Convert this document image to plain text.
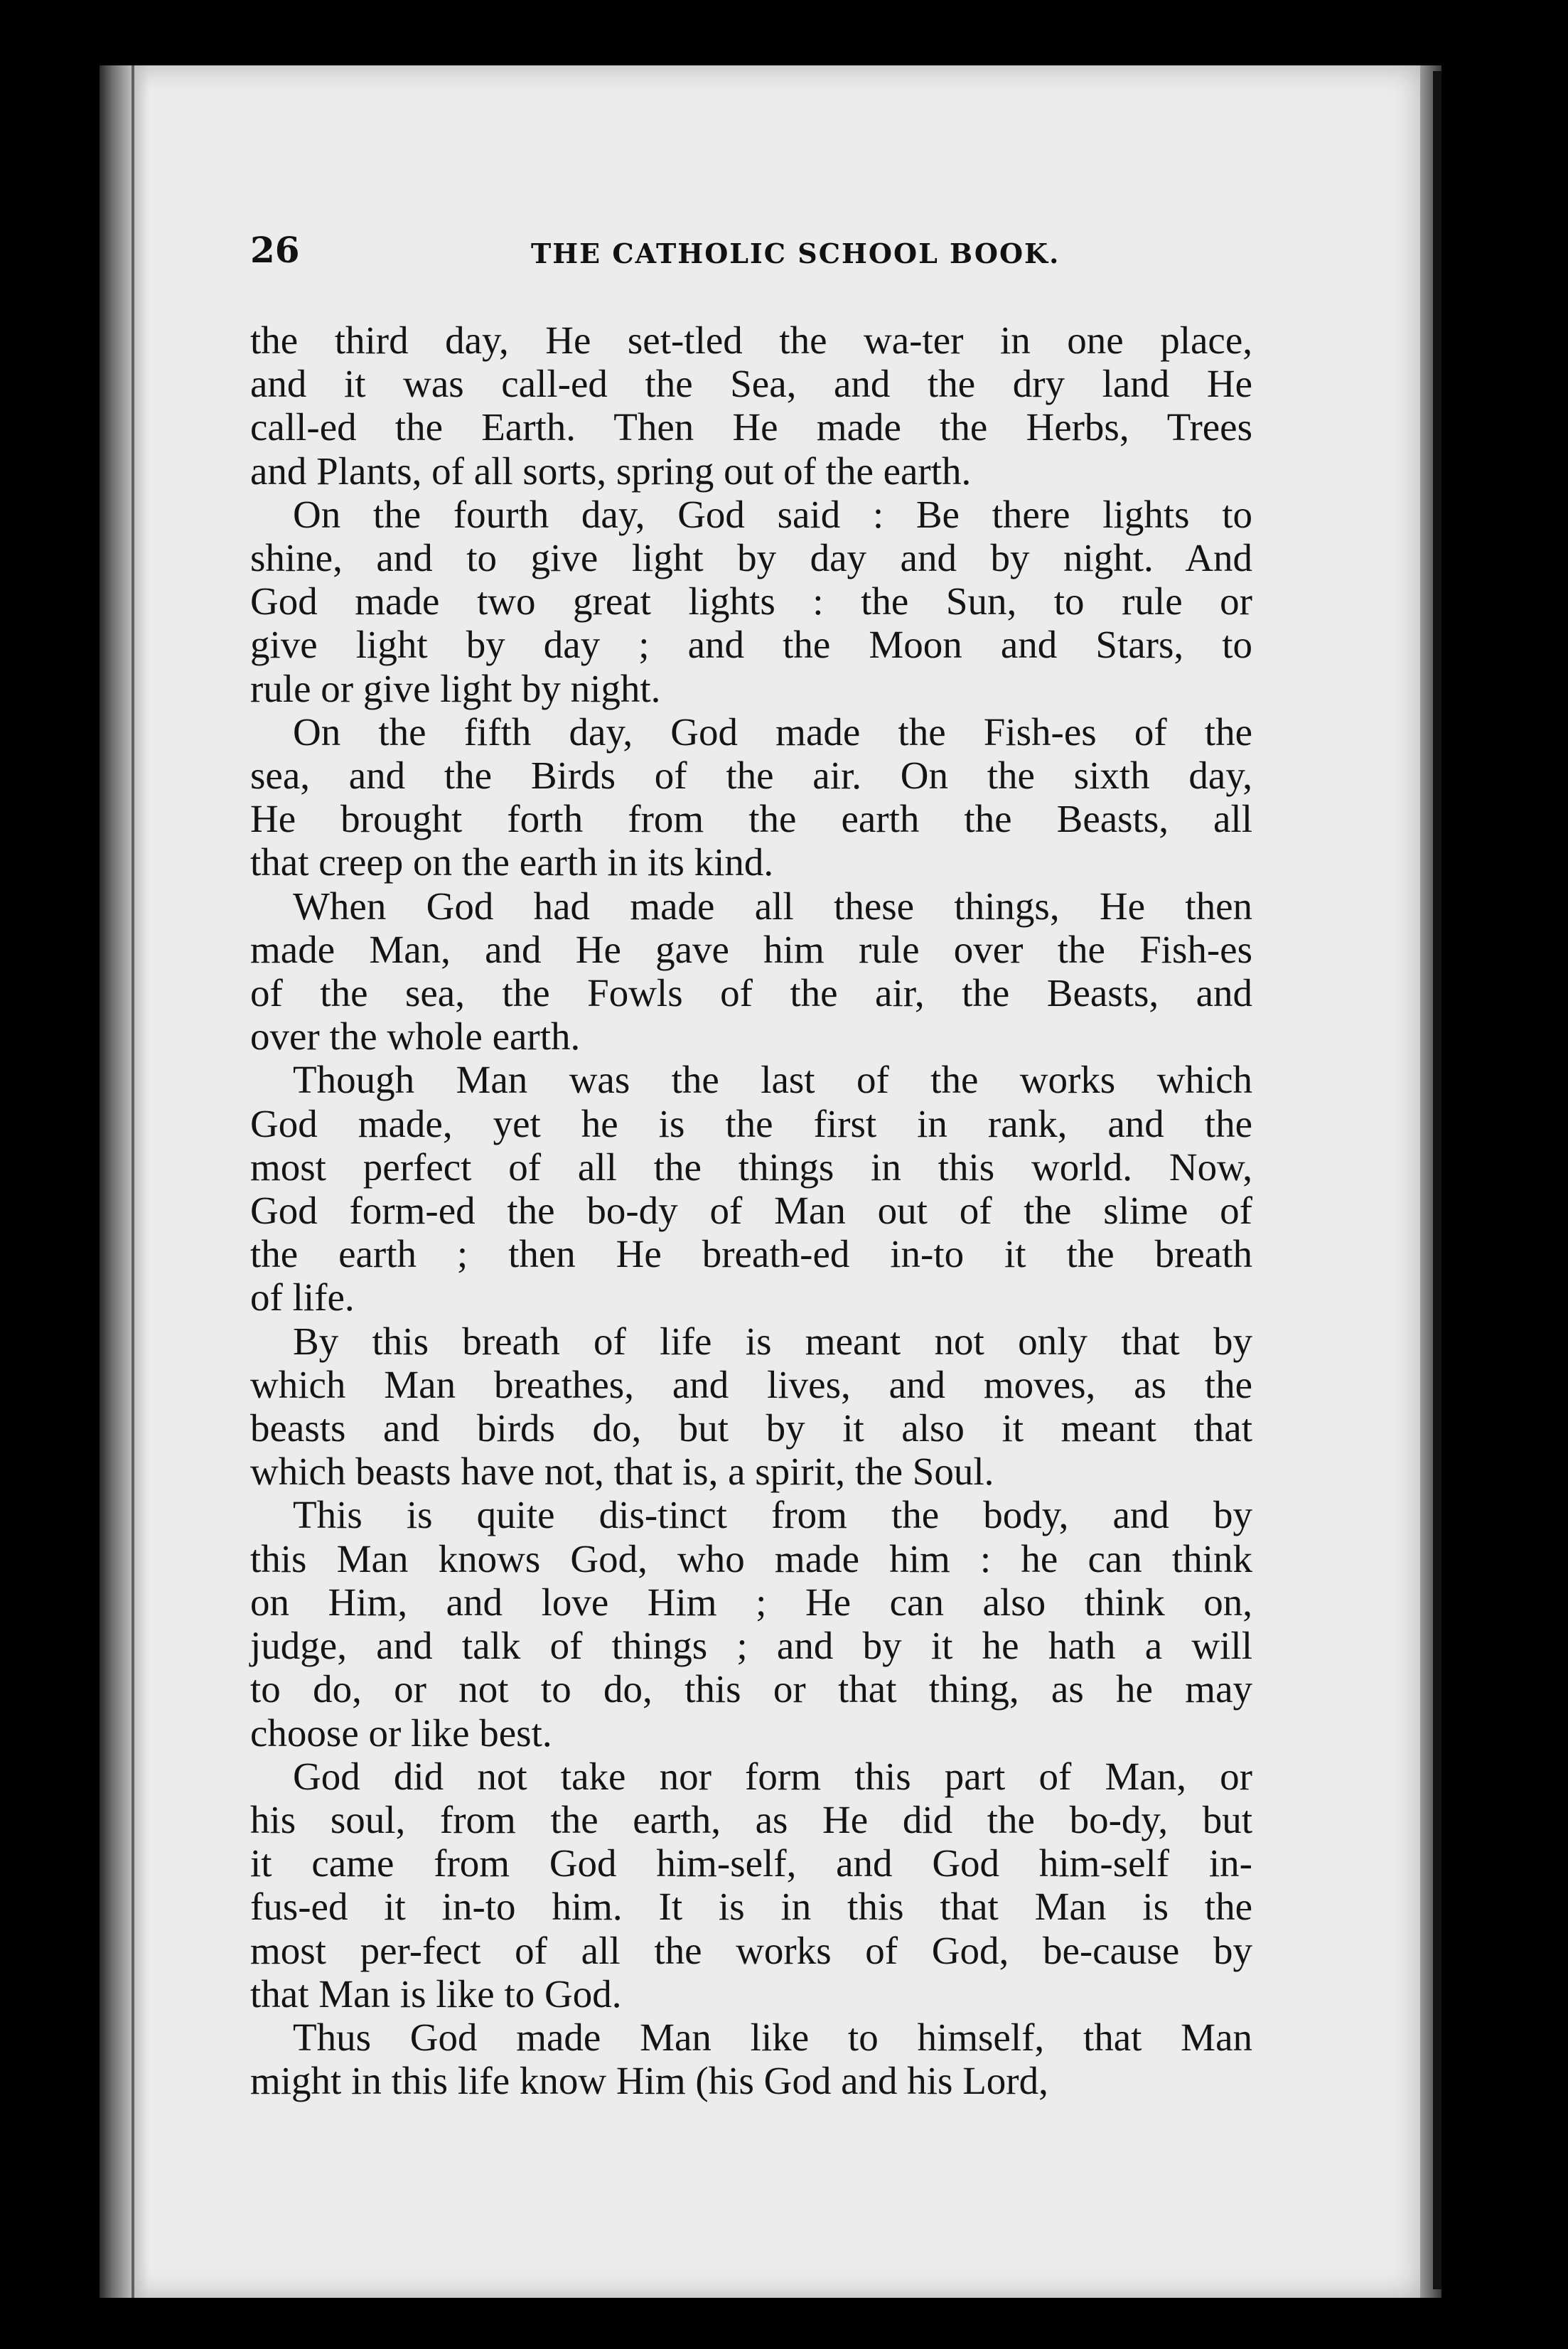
26	THE CATHOLIC SCHOOL BOOK.
the third day, He set-tled the wa-ter in one place,
and it was call-ed the Sea, and the dry land He
call-ed the Earth. Then He made the Herbs, Trees
and Plants, of all sorts, spring out of the earth.
On the fourth day, God said : Be there lights to
shine, and to give light by day and by night. And
God made two great lights : the Sun, to rule or
give light by day ; and the Moon and Stars, to
rule or give light by night.
On the fifth day, God made the Fish-es of the
sea, and the Birds of the air. On the sixth day,
He brought forth from the earth the Beasts, all
that creep on the earth in its kind.
When God had made all these things, He then
made Man, and He gave him rule over the Fish-es
of the sea, the Fowls of the air, the Beasts, and
over the whole earth.
Though Man was the last of the works which
God made, yet he is the first in rank, and the
most perfect of all the things in this world. Now,
God form-ed the bo-dy of Man out of the slime of
the earth ; then He breath-ed in-to it the breath
of life.
By this breath of life is meant not only that by
which Man breathes, and lives, and moves, as the
beasts and birds do, but by it also it meant that
which beasts have not, that is, a spirit, the Soul.
This is quite dis-tinct from the body, and by
this Man knows God, who made him : he can think
on Him, and love Him ; He can also think on,
judge, and talk of things ; and by it he hath a will
to do, or not to do, this or that thing, as he may
choose or like best.
God did not take nor form this part of Man, or
his soul, from the earth, as He did the bo-dy, but
it came from God him-self, and God him-self in-
fus-ed it in-to him. It is in this that Man is the
most per-fect of all the works of God, be-cause by
that Man is like to God.
Thus God made Man like to himself, that Man
might in this life know Him (his God and his Lord,
